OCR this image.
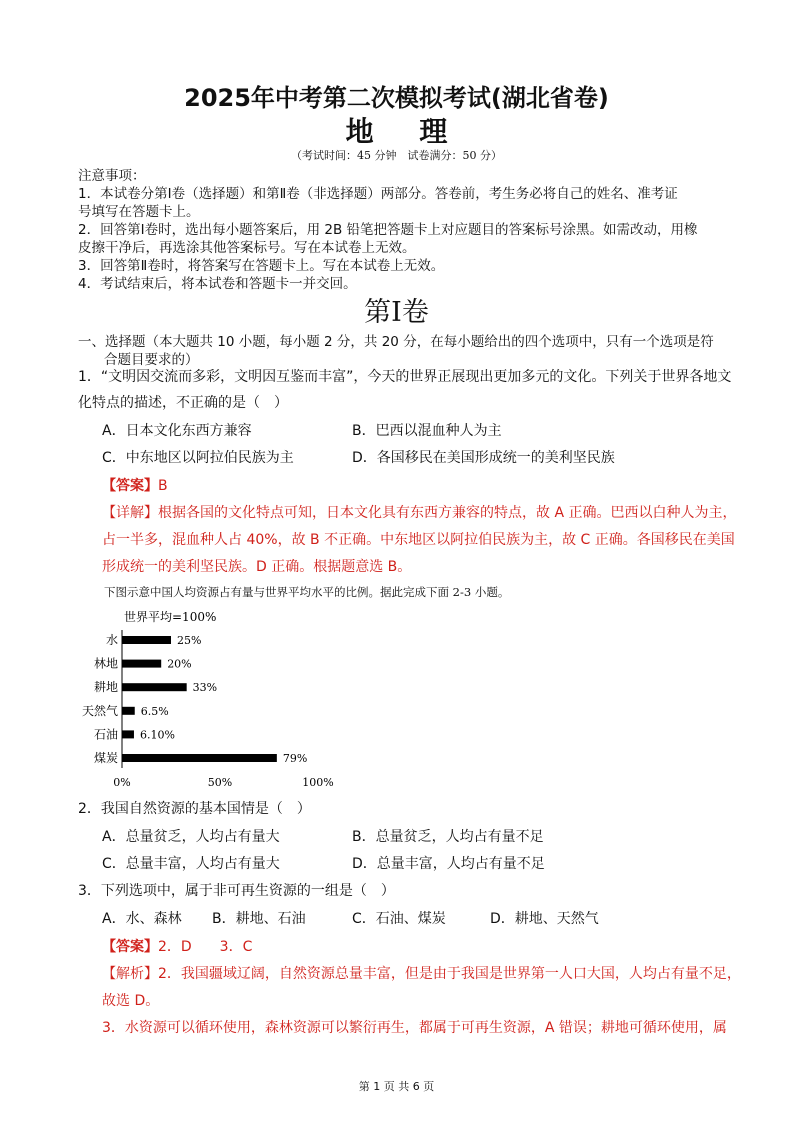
2025年中考第二次模拟考试(湖北省卷)
地 理
（考试时间：45 分钟　试卷满分：50 分）
注意事项：
1．本试卷分第Ⅰ卷（选择题）和第Ⅱ卷（非选择题）两部分。答卷前，考生务必将自己的姓名、准考证
号填写在答题卡上。
2．回答第Ⅰ卷时，选出每小题答案后，用 2B 铅笔把答题卡上对应题目的答案标号涂黑。如需改动，用橡
皮擦干净后，再选涂其他答案标号。写在本试卷上无效。
3．回答第Ⅱ卷时，将答案写在答题卡上。写在本试卷上无效。
4．考试结束后，将本试卷和答题卡一并交回。
第Ⅰ卷
一、选择题（本大题共 10 小题，每小题 2 分，共 20 分，在每小题给出的四个选项中，只有一个选项是符
合题目要求的）
1．“文明因交流而多彩，文明因互鉴而丰富”，今天的世界正展现出更加多元的文化。下列关于世界各地文
化特点的描述，不正确的是（　）
A．日本文化东西方兼容	B．巴西以混血种人为主
C．中东地区以阿拉伯民族为主	D．各国移民在美国形成统一的美利坚民族
【答案】B
【详解】根据各国的文化特点可知，日本文化具有东西方兼容的特点，故 A 正确。巴西以白种人为主，
占一半多，混血种人占 40%，故 B 不正确。中东地区以阿拉伯民族为主，故 C 正确。各国移民在美国
形成统一的美利坚民族。D 正确。根据题意选 B。
下图示意中国人均资源占有量与世界平均水平的比例。据此完成下面 2-3 小题。
世界平均=100%
水	25%
林地	20%
耕地	33%
天然气 6.5%
石油 6.10%
煤炭	79%
0%	50%	100%
2．我国自然资源的基本国情是（　）
A．总量贫乏，人均占有量大	B．总量贫乏，人均占有量不足
C．总量丰富，人均占有量大	D．总量丰富，人均占有量不足
3．下列选项中，属于非可再生资源的一组是（　）
A．水、森林 B．耕地、石油	C．石油、煤炭	D．耕地、天然气
【答案】2．D　　3．C
【解析】2．我国疆域辽阔，自然资源总量丰富，但是由于我国是世界第一人口大国，人均占有量不足，
故选 D。
3．水资源可以循环使用，森林资源可以繁衍再生，都属于可再生资源，A 错误；耕地可循环使用，属
第 1 页 共 6 页
